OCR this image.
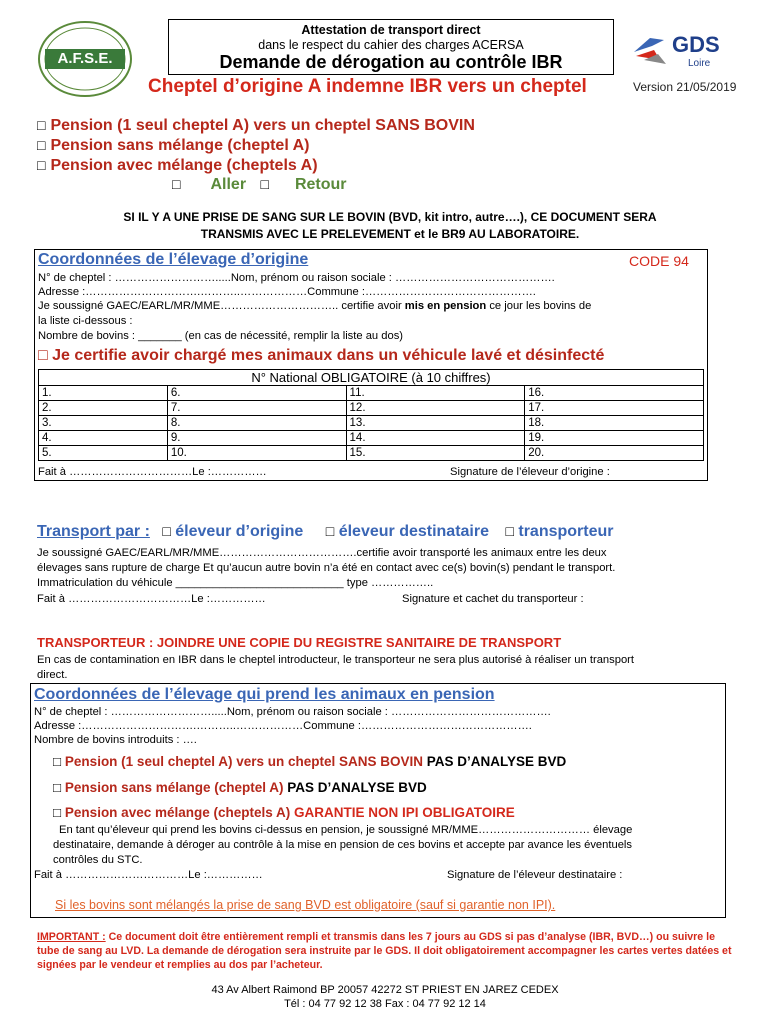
A.F.S.E.
GDS
Loire
Attestation de transport direct
dans le respect du cahier des charges ACERSA
Demande de dérogation au contrôle IBR
Cheptel d’origine A indemne IBR vers un cheptel	Version 21/05/2019
□ Pension (1 seul cheptel A) vers un cheptel SANS BOVIN
□ Pension sans mélange (cheptel A)
□ Pension avec mélange (cheptels A)
□ Aller □ Retour
SI IL Y A UNE PRISE DE SANG SUR LE BOVIN (BVD, kit intro, autre….), CE DOCUMENT SERA
TRANSMIS AVEC LE PRELEVEMENT et le BR9 AU LABORATOIRE.
Coordonnées de l’élevage d’origine	CODE 94
N° de cheptel : ……………………….....Nom, prénom ou raison sociale : …………………………………….
Adresse :………………………….………..………………Commune :……………………………………….
Je soussigné GAEC/EARL/MR/MME………………………….. certifie avoir mis en pension ce jour les bovins de
la liste ci-dessous :
Nombre de bovins : _______ (en cas de nécessité, remplir la liste au dos)
□ Je certifie avoir chargé mes animaux dans un véhicule lavé et désinfecté
N° National OBLIGATOIRE (à 10 chiffres)			
1.	6.	11.	16.
2.	7.	12.	17.
3.	8.	13.	18.
4.	9.	14.	19.
5.	10.	15.	20.
Fait à ……………………………Le :……………	Signature de l’éleveur d’origine :
Transport par : □ éleveur d’origine □ éleveur destinataire □ transporteur
Je soussigné GAEC/EARL/MR/MME……………………………….certifie avoir transporté les animaux entre les deux
élevages sans rupture de charge Et qu’aucun autre bovin n’a été en contact avec ce(s) bovin(s) pendant le transport.
Immatriculation du véhicule ___________________________ type ……………..
Fait à ……………………………Le :……………	Signature et cachet du transporteur :
TRANSPORTEUR : JOINDRE UNE COPIE DU REGISTRE SANITAIRE DE TRANSPORT
En cas de contamination en IBR dans le cheptel introducteur, le transporteur ne sera plus autorisé à réaliser un transport
direct.
Coordonnées de l’élevage qui prend les animaux en pension
N° de cheptel : ……………………….....Nom, prénom ou raison sociale : …………………………………….
Adresse :………………………….………..………………Commune :……………………………………….
Nombre de bovins introduits : ….
□ Pension (1 seul cheptel A) vers un cheptel SANS BOVIN PAS D’ANALYSE BVD
□ Pension sans mélange (cheptel A) PAS D’ANALYSE BVD
□ Pension avec mélange (cheptels A) GARANTIE NON IPI OBLIGATOIRE
En tant qu’éleveur qui prend les bovins ci-dessus en pension, je soussigné MR/MME………………………… élevage
destinataire, demande à déroger au contrôle à la mise en pension de ces bovins et accepte par avance les éventuels
contrôles du STC.
Fait à ……………………………Le :……………	Signature de l’éleveur destinataire :
Si les bovins sont mélangés la prise de sang BVD est obligatoire (sauf si garantie non IPI).
IMPORTANT : Ce document doit être entièrement rempli et transmis dans les 7 jours au GDS si pas d’analyse (IBR, BVD…) ou suivre le tube de sang au LVD. La demande de dérogation sera instruite par le GDS. Il doit obligatoirement accompagner les cartes vertes datées et signées par le vendeur et remplies au dos par l’acheteur.
43 Av Albert Raimond BP 20057 42272 ST PRIEST EN JAREZ CEDEX
Tél : 04 77 92 12 38 Fax : 04 77 92 12 14
